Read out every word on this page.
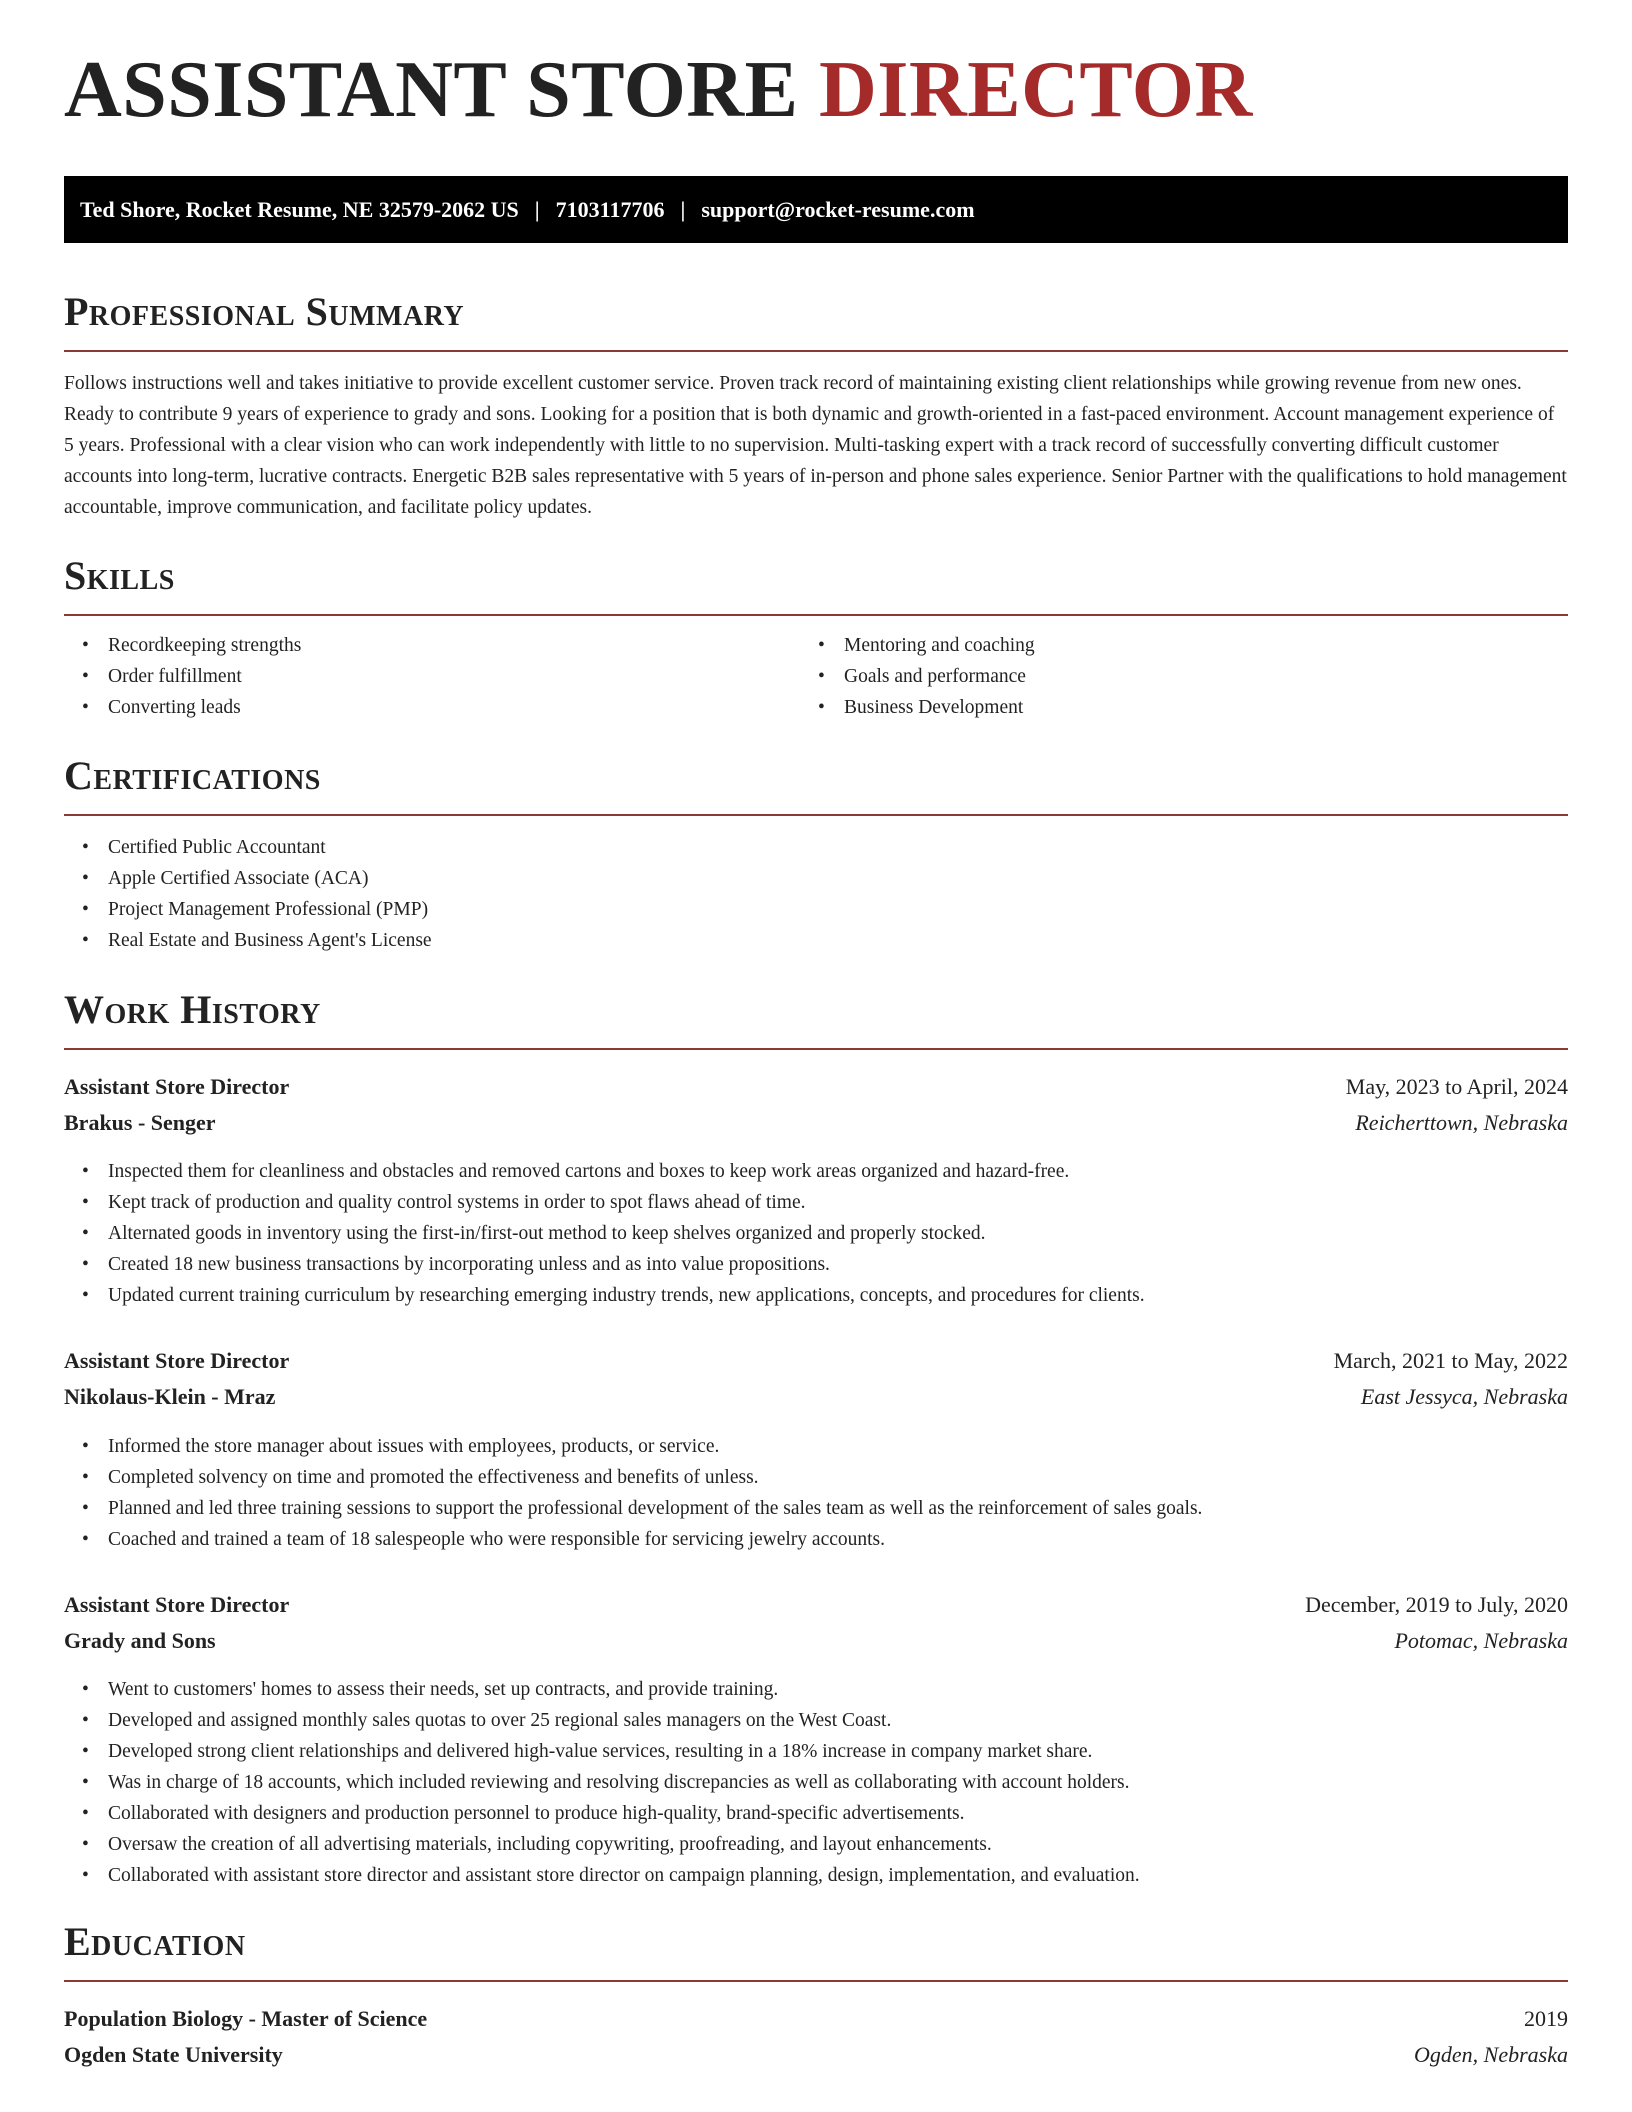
ASSISTANT STORE DIRECTOR
Ted Shore, Rocket Resume, NE 32579-2062 US | 7103117706 | support@rocket-resume.com
Professional Summary
Follows instructions well and takes initiative to provide excellent customer service. Proven track record of maintaining existing client relationships while growing revenue from new ones. Ready to contribute 9 years of experience to grady and sons. Looking for a position that is both dynamic and growth-oriented in a fast-paced environment. Account management experience of 5 years. Professional with a clear vision who can work independently with little to no supervision. Multi-tasking expert with a track record of successfully converting difficult customer accounts into long-term, lucrative contracts. Energetic B2B sales representative with 5 years of in-person and phone sales experience. Senior Partner with the qualifications to hold management accountable, improve communication, and facilitate policy updates.
Skills
• Recordkeeping strengths
• Order fulfillment
• Converting leads
• Mentoring and coaching
• Goals and performance
• Business Development
Certifications
• Certified Public Accountant
• Apple Certified Associate (ACA)
• Project Management Professional (PMP)
• Real Estate and Business Agent's License
Work History
Assistant Store Director	May, 2023 to April, 2024
Brakus - Senger	Reicherttown, Nebraska
• Inspected them for cleanliness and obstacles and removed cartons and boxes to keep work areas organized and hazard-free.
• Kept track of production and quality control systems in order to spot flaws ahead of time.
• Alternated goods in inventory using the first-in/first-out method to keep shelves organized and properly stocked.
• Created 18 new business transactions by incorporating unless and as into value propositions.
• Updated current training curriculum by researching emerging industry trends, new applications, concepts, and procedures for clients.
Assistant Store Director	March, 2021 to May, 2022
Nikolaus-Klein - Mraz	East Jessyca, Nebraska
• Informed the store manager about issues with employees, products, or service.
• Completed solvency on time and promoted the effectiveness and benefits of unless.
• Planned and led three training sessions to support the professional development of the sales team as well as the reinforcement of sales goals.
• Coached and trained a team of 18 salespeople who were responsible for servicing jewelry accounts.
Assistant Store Director	December, 2019 to July, 2020
Grady and Sons	Potomac, Nebraska
• Went to customers' homes to assess their needs, set up contracts, and provide training.
• Developed and assigned monthly sales quotas to over 25 regional sales managers on the West Coast.
• Developed strong client relationships and delivered high-value services, resulting in a 18% increase in company market share.
• Was in charge of 18 accounts, which included reviewing and resolving discrepancies as well as collaborating with account holders.
• Collaborated with designers and production personnel to produce high-quality, brand-specific advertisements.
• Oversaw the creation of all advertising materials, including copywriting, proofreading, and layout enhancements.
• Collaborated with assistant store director and assistant store director on campaign planning, design, implementation, and evaluation.
Education
Population Biology - Master of Science	2019
Ogden State University	Ogden, Nebraska
